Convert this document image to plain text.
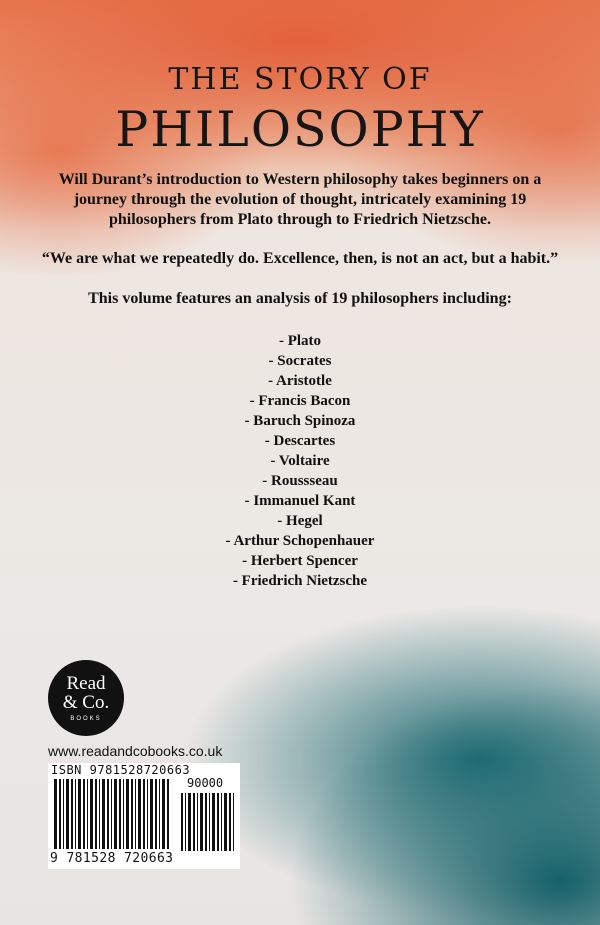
THE STORY OF
PHILOSOPHY

Will Durant’s introduction to Western philosophy takes beginners on a journey through the evolution of thought, intricately examining 19 philosophers from Plato through to Friedrich Nietzsche.

“We are what we repeatedly do. Excellence, then, is not an act, but a habit.”

This volume features an analysis of 19 philosophers including:

- Plato
- Socrates
- Aristotle
- Francis Bacon
- Baruch Spinoza
- Descartes
- Voltaire
- Roussseau
- Immanuel Kant
- Hegel
- Arthur Schopenhauer
- Herbert Spencer
- Friedrich Nietzsche
Read
& Co.
BOOKS

www.readandcobooks.co.uk

ISBN 9781528720663
90000
9 781528 720663
